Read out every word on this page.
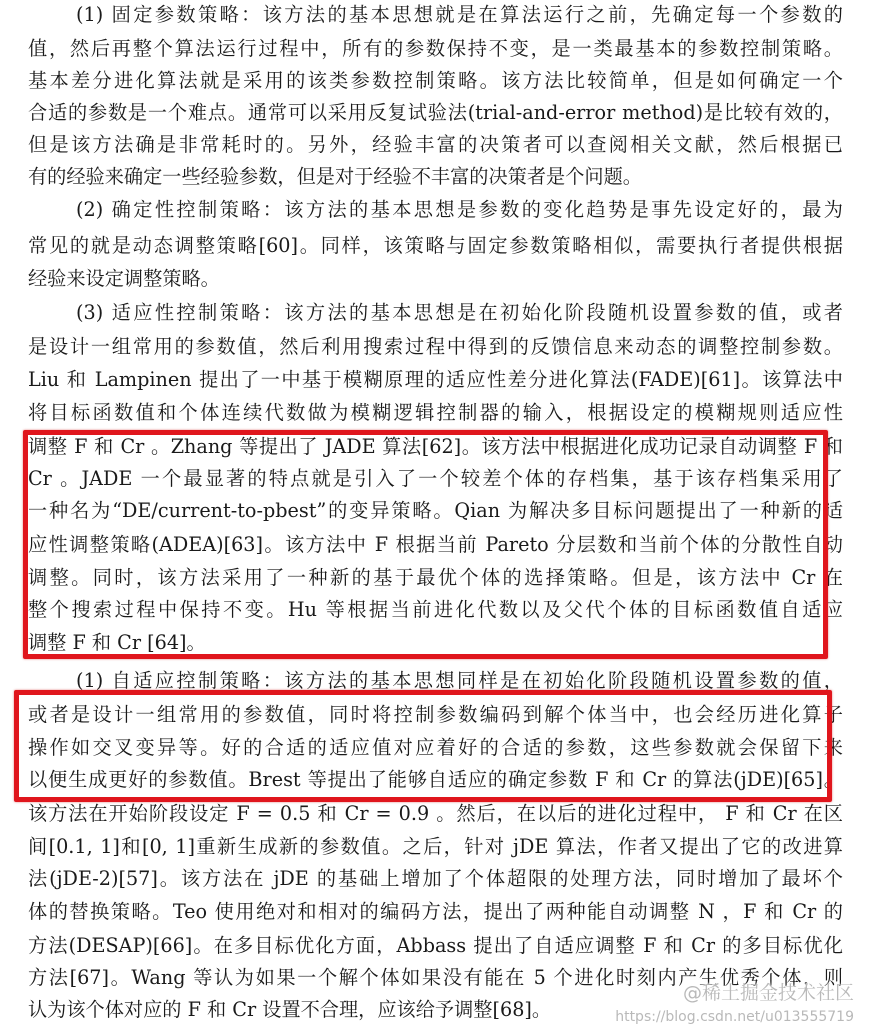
(1) 固定参数策略：该方法的基本思想就是在算法运行之前，先确定每一个参数的
值，然后再整个算法运行过程中，所有的参数保持不变，是一类最基本的参数控制策略。
基本差分进化算法就是采用的该类参数控制策略。该方法比较简单，但是如何确定一个
合适的参数是一个难点。通常可以采用反复试验法(trial-and-error method)是比较有效的，
但是该方法确是非常耗时的。另外，经验丰富的决策者可以查阅相关文献，然后根据已
有的经验来确定一些经验参数，但是对于经验不丰富的决策者是个问题。
(2) 确定性控制策略：该方法的基本思想是参数的变化趋势是事先设定好的，最为
常见的就是动态调整策略[60]。同样，该策略与固定参数策略相似，需要执行者提供根据
经验来设定调整策略。
(3) 适应性控制策略：该方法的基本思想是在初始化阶段随机设置参数的值，或者
是设计一组常用的参数值，然后利用搜索过程中得到的反馈信息来动态的调整控制参数。
Liu 和 Lampinen 提出了一中基于模糊原理的适应性差分进化算法(FADE)[61]。该算法中
将目标函数值和个体连续代数做为模糊逻辑控制器的输入，根据设定的模糊规则适应性
调整 F 和 Cr 。Zhang 等提出了 JADE 算法[62]。该方法中根据进化成功记录自动调整 F 和
Cr 。JADE 一个最显著的特点就是引入了一个较差个体的存档集，基于该存档集采用了
一种名为“DE/current-to-pbest”的变异策略。Qian 为解决多目标问题提出了一种新的适
应性调整策略(ADEA)[63]。该方法中 F 根据当前 Pareto 分层数和当前个体的分散性自动
调整。同时，该方法采用了一种新的基于最优个体的选择策略。但是，该方法中 Cr 在
整个搜索过程中保持不变。Hu 等根据当前进化代数以及父代个体的目标函数值自适应
调整 F 和 Cr [64]。
(1) 自适应控制策略：该方法的基本思想同样是在初始化阶段随机设置参数的值，
或者是设计一组常用的参数值，同时将控制参数编码到解个体当中，也会经历进化算子
操作如交叉变异等。好的合适的适应值对应着好的合适的参数，这些参数就会保留下来
以便生成更好的参数值。Brest 等提出了能够自适应的确定参数 F 和 Cr 的算法(jDE)[65]。
该方法在开始阶段设定 F = 0.5 和 Cr = 0.9 。然后，在以后的进化过程中， F 和 Cr 在区
间[0.1, 1]和[0, 1]重新生成新的参数值。之后，针对 jDE 算法，作者又提出了它的改进算
法(jDE-2)[57]。该方法在 jDE 的基础上增加了个体超限的处理方法，同时增加了最坏个
体的替换策略。Teo 使用绝对和相对的编码方法，提出了两种能自动调整 N ，F 和 Cr 的
方法(DESAP)[66]。在多目标优化方面，Abbass 提出了自适应调整 F 和 Cr 的多目标优化
方法[67]。Wang 等认为如果一个解个体如果没有能在 5 个进化时刻内产生优秀个体，则
认为该个体对应的 F 和 Cr 设置不合理，应该给予调整[68]。
@稀土掘金技术社区
https://blog.csdn.net/u013555719
